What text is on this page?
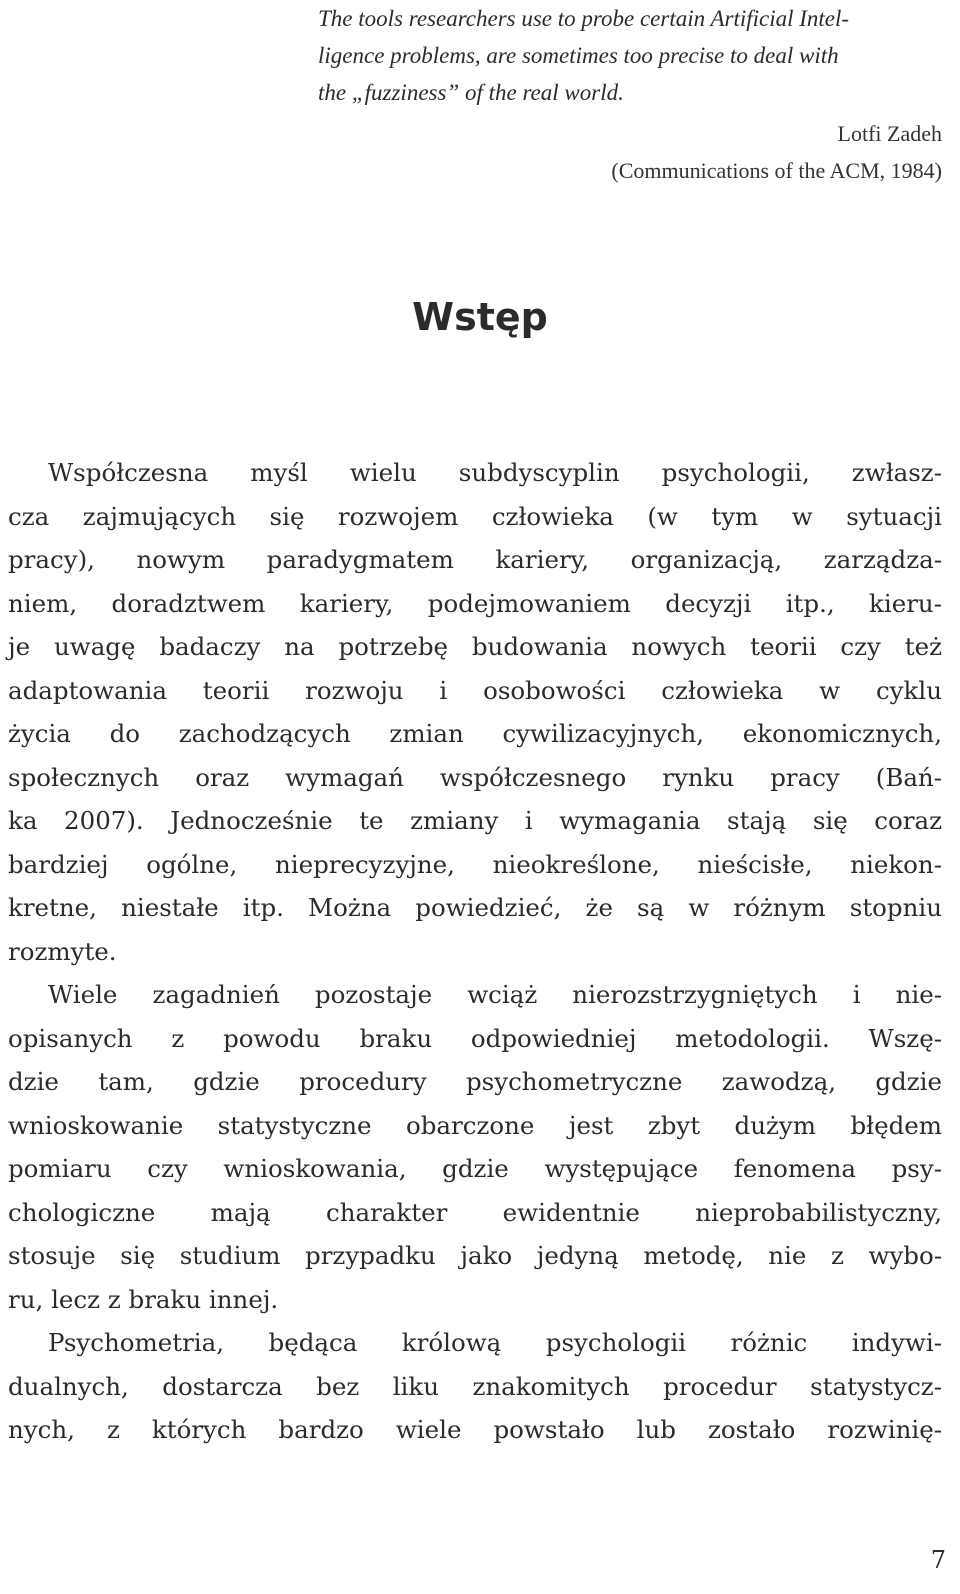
The tools researchers use to probe certain Artificial Intel-
ligence problems, are sometimes too precise to deal with
the „fuzziness” of the real world.
Lotfi Zadeh
(Communications of the ACM, 1984)
Wstęp
Współczesna myśl wielu subdyscyplin psychologii, zwłasz-
cza zajmujących się rozwojem człowieka (w tym w sytuacji
pracy), nowym paradygmatem kariery, organizacją, zarządza-
niem, doradztwem kariery, podejmowaniem decyzji itp., kieru-
je uwagę badaczy na potrzebę budowania nowych teorii czy też
adaptowania teorii rozwoju i osobowości człowieka w cyklu
życia do zachodzących zmian cywilizacyjnych, ekonomicznych,
społecznych oraz wymagań współczesnego rynku pracy (Bań-
ka 2007). Jednocześnie te zmiany i wymagania stają się coraz
bardziej ogólne, nieprecyzyjne, nieokreślone, nieścisłe, niekon-
kretne, niestałe itp. Można powiedzieć, że są w różnym stopniu
rozmyte.
Wiele zagadnień pozostaje wciąż nierozstrzygniętych i nie-
opisanych z powodu braku odpowiedniej metodologii. Wszę-
dzie tam, gdzie procedury psychometryczne zawodzą, gdzie
wnioskowanie statystyczne obarczone jest zbyt dużym błędem
pomiaru czy wnioskowania, gdzie występujące fenomena psy-
chologiczne mają charakter ewidentnie nieprobabilistyczny,
stosuje się studium przypadku jako jedyną metodę, nie z wybo-
ru, lecz z braku innej.
Psychometria, będąca królową psychologii różnic indywi-
dualnych, dostarcza bez liku znakomitych procedur statystycz-
nych, z których bardzo wiele powstało lub zostało rozwinię-
7
